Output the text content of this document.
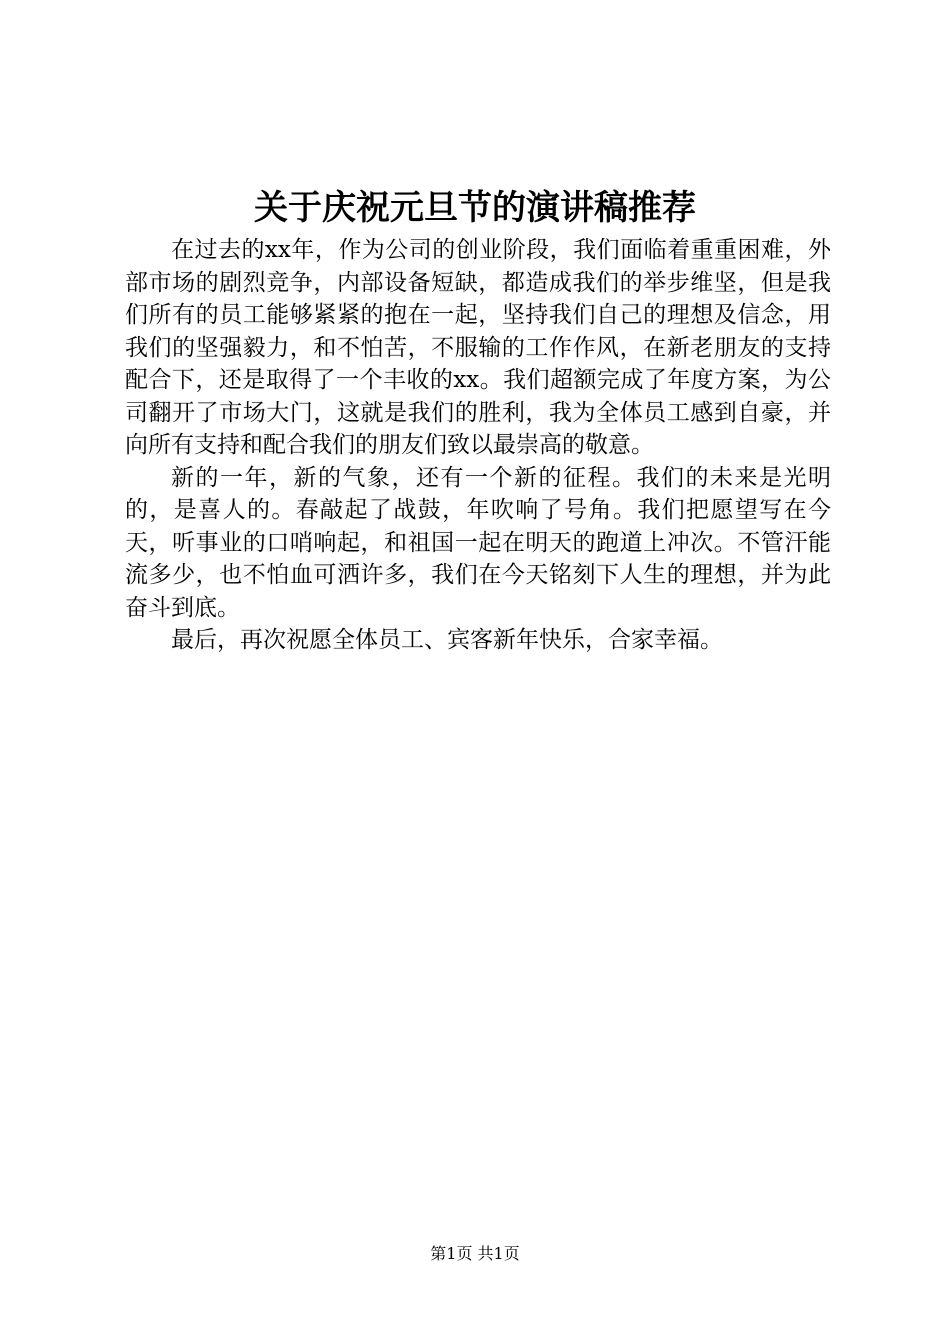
关于庆祝元旦节的演讲稿推荐

在过去的xx年，作为公司的创业阶段，我们面临着重重困难，外部市场的剧烈竞争，内部设备短缺，都造成我们的举步维坚，但是我们所有的员工能够紧紧的抱在一起，坚持我们自己的理想及信念，用我们的坚强毅力，和不怕苦，不服输的工作作风，在新老朋友的支持配合下，还是取得了一个丰收的xx。我们超额完成了年度方案，为公司翻开了市场大门，这就是我们的胜利，我为全体员工感到自豪，并向所有支持和配合我们的朋友们致以最崇高的敬意。

新的一年，新的气象，还有一个新的征程。我们的未来是光明的，是喜人的。春敲起了战鼓，年吹响了号角。我们把愿望写在今天，听事业的口哨响起，和祖国一起在明天的跑道上冲次。不管汗能流多少，也不怕血可洒许多，我们在今天铭刻下人生的理想，并为此奋斗到底。

最后，再次祝愿全体员工、宾客新年快乐，合家幸福。

第1页 共1页
